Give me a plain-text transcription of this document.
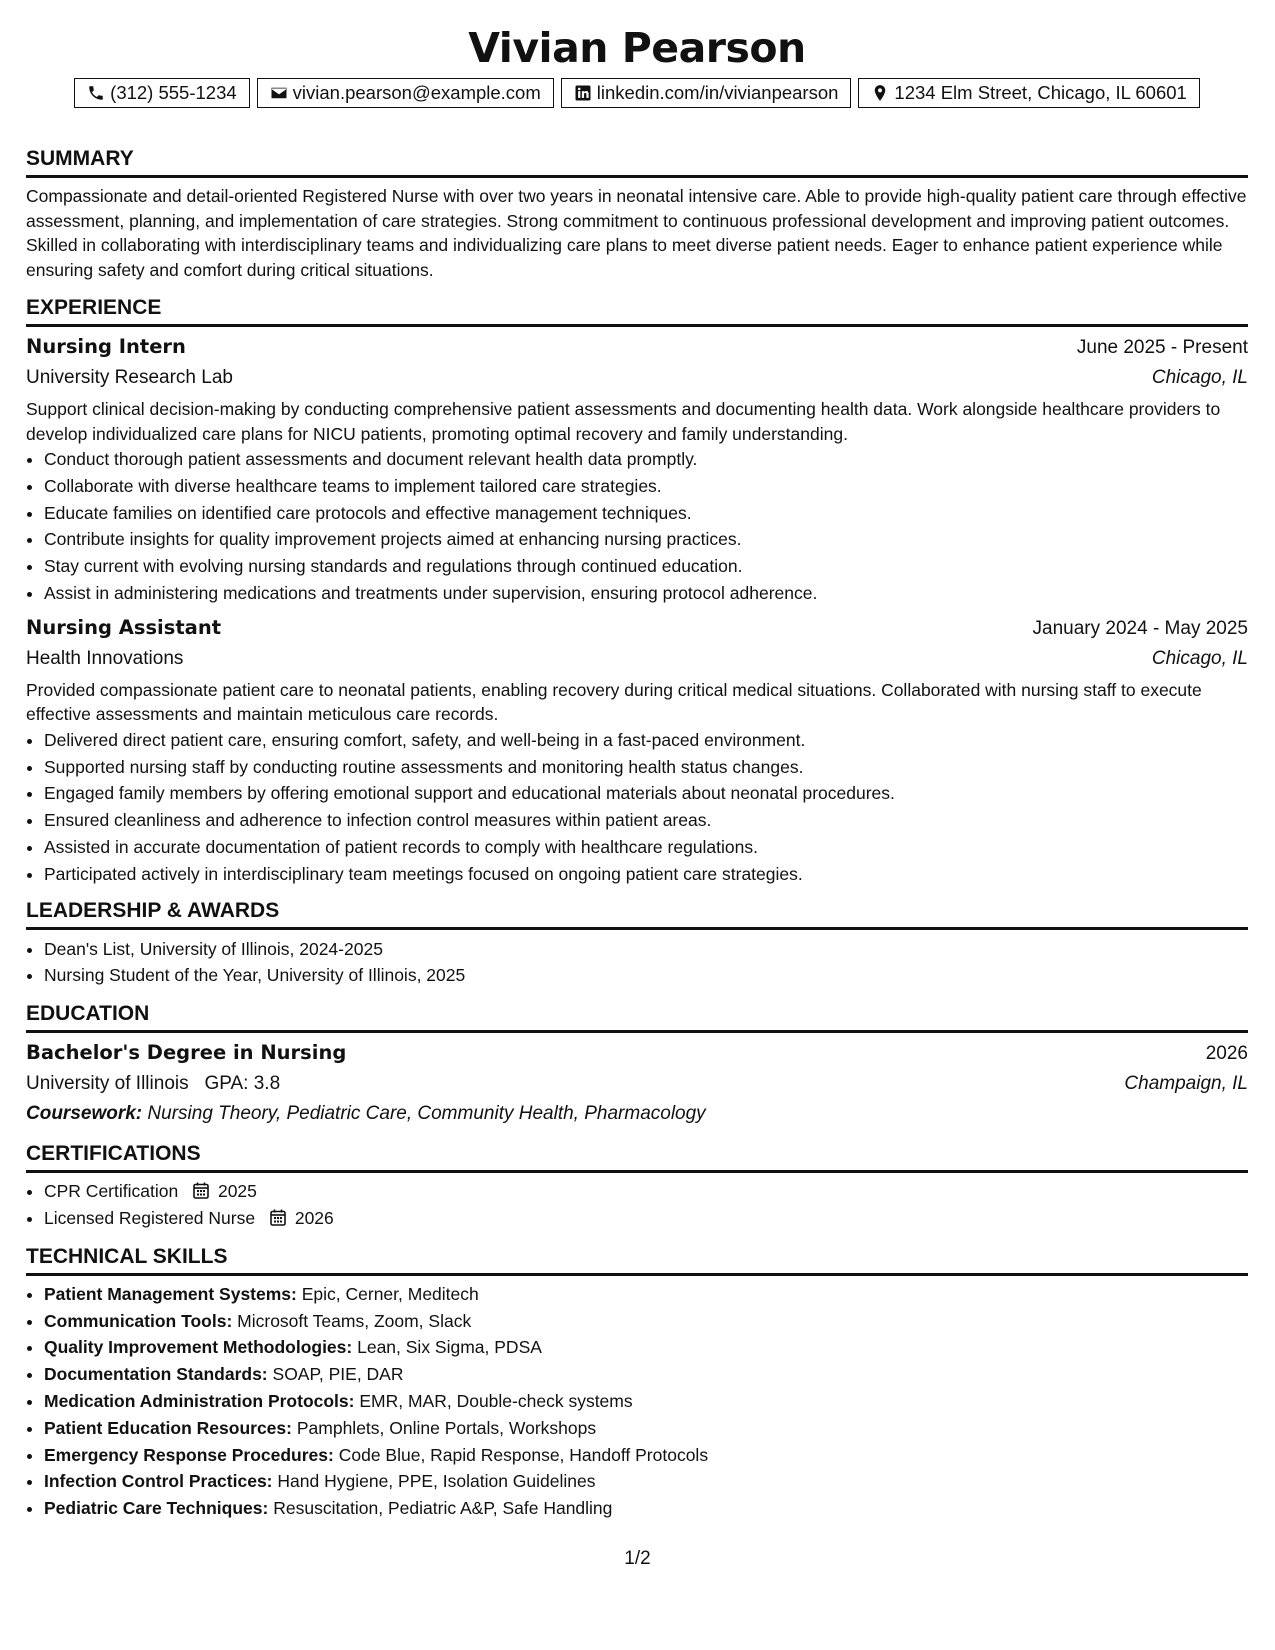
Vivian Pearson
(312) 555-1234	vivian.pearson@example.com	linkedin.com/in/vivianpearson	1234 Elm Street, Chicago, IL 60601
SUMMARY

Compassionate and detail-oriented Registered Nurse with over two years in neonatal intensive care. Able to provide high-quality patient care through effective assessment, planning, and implementation of care strategies. Strong commitment to continuous professional development and improving patient outcomes. Skilled in collaborating with interdisciplinary teams and individualizing care plans to meet diverse patient needs. Eager to enhance patient experience while ensuring safety and comfort during critical situations.

EXPERIENCE
Nursing Intern	June 2025 - Present
University Research Lab	Chicago, IL

Support clinical decision-making by conducting comprehensive patient assessments and documenting health data. Work alongside healthcare providers to develop individualized care plans for NICU patients, promoting optimal recovery and family understanding.

• Conduct thorough patient assessments and document relevant health data promptly.
• Collaborate with diverse healthcare teams to implement tailored care strategies.
• Educate families on identified care protocols and effective management techniques.
• Contribute insights for quality improvement projects aimed at enhancing nursing practices.
• Stay current with evolving nursing standards and regulations through continued education.
• Assist in administering medications and treatments under supervision, ensuring protocol adherence.
Nursing Assistant	January 2024 - May 2025
Health Innovations	Chicago, IL

Provided compassionate patient care to neonatal patients, enabling recovery during critical medical situations. Collaborated with nursing staff to execute effective assessments and maintain meticulous care records.

• Delivered direct patient care, ensuring comfort, safety, and well-being in a fast-paced environment.
• Supported nursing staff by conducting routine assessments and monitoring health status changes.
• Engaged family members by offering emotional support and educational materials about neonatal procedures.
• Ensured cleanliness and adherence to infection control measures within patient areas.
• Assisted in accurate documentation of patient records to comply with healthcare regulations.
• Participated actively in interdisciplinary team meetings focused on ongoing patient care strategies.
LEADERSHIP & AWARDS
• Dean's List, University of Illinois, 2024-2025
• Nursing Student of the Year, University of Illinois, 2025
EDUCATION
Bachelor's Degree in Nursing	2026
University of Illinois GPA: 3.8	Champaign, IL
Coursework: Nursing Theory, Pediatric Care, Community Health, Pharmacology
CERTIFICATIONS
• CPR Certification 2025
• Licensed Registered Nurse 2026
TECHNICAL SKILLS
• Patient Management Systems: Epic, Cerner, Meditech
• Communication Tools: Microsoft Teams, Zoom, Slack
• Quality Improvement Methodologies: Lean, Six Sigma, PDSA
• Documentation Standards: SOAP, PIE, DAR
• Medication Administration Protocols: EMR, MAR, Double-check systems
• Patient Education Resources: Pamphlets, Online Portals, Workshops
• Emergency Response Procedures: Code Blue, Rapid Response, Handoff Protocols
• Infection Control Practices: Hand Hygiene, PPE, Isolation Guidelines
• Pediatric Care Techniques: Resuscitation, Pediatric A&P, Safe Handling
1/2
